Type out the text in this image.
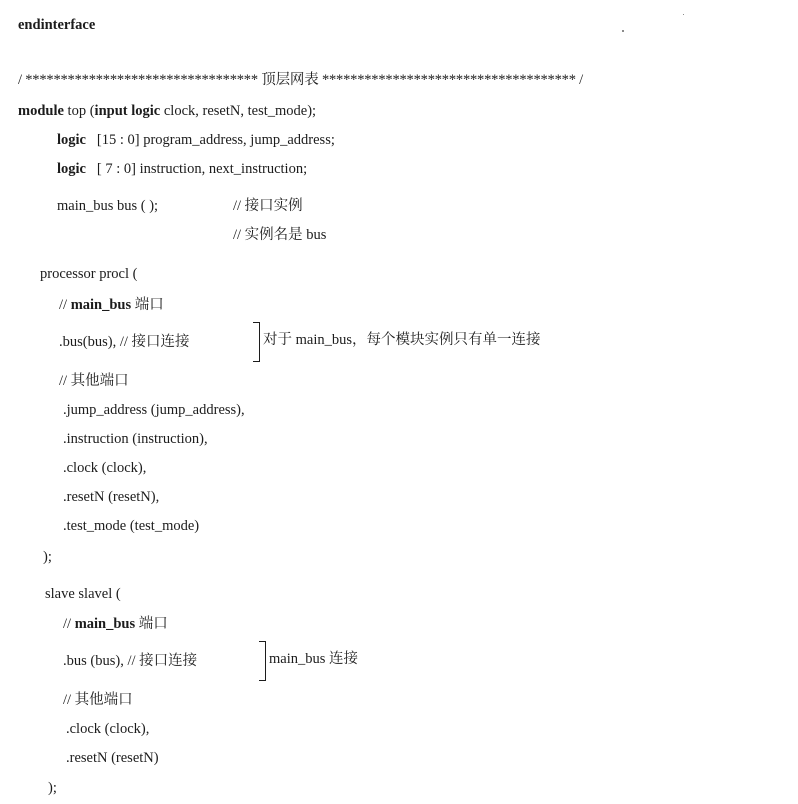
endinterface
/ ********************************* 顶层网表 ************************************ /
module top (input logic clock, resetN, test_mode);
logic [15 : 0] program_address, jump_address;
logic [ 7 : 0] instruction, next_instruction;
main_bus bus ( );	// 接口实例
// 实例名是 bus
processor procl (
// main_bus 端口
.bus(bus), // 接口连接	对于 main_bus，每个模块实例只有单一连接
// 其他端口
.jump_address (jump_address),
.instruction (instruction),
.clock (clock),
.resetN (resetN),
.test_mode (test_mode)
);
slave slavel (
// main_bus 端口
.bus (bus), // 接口连接	main_bus 连接
// 其他端口
.clock (clock),
.resetN (resetN)
);
